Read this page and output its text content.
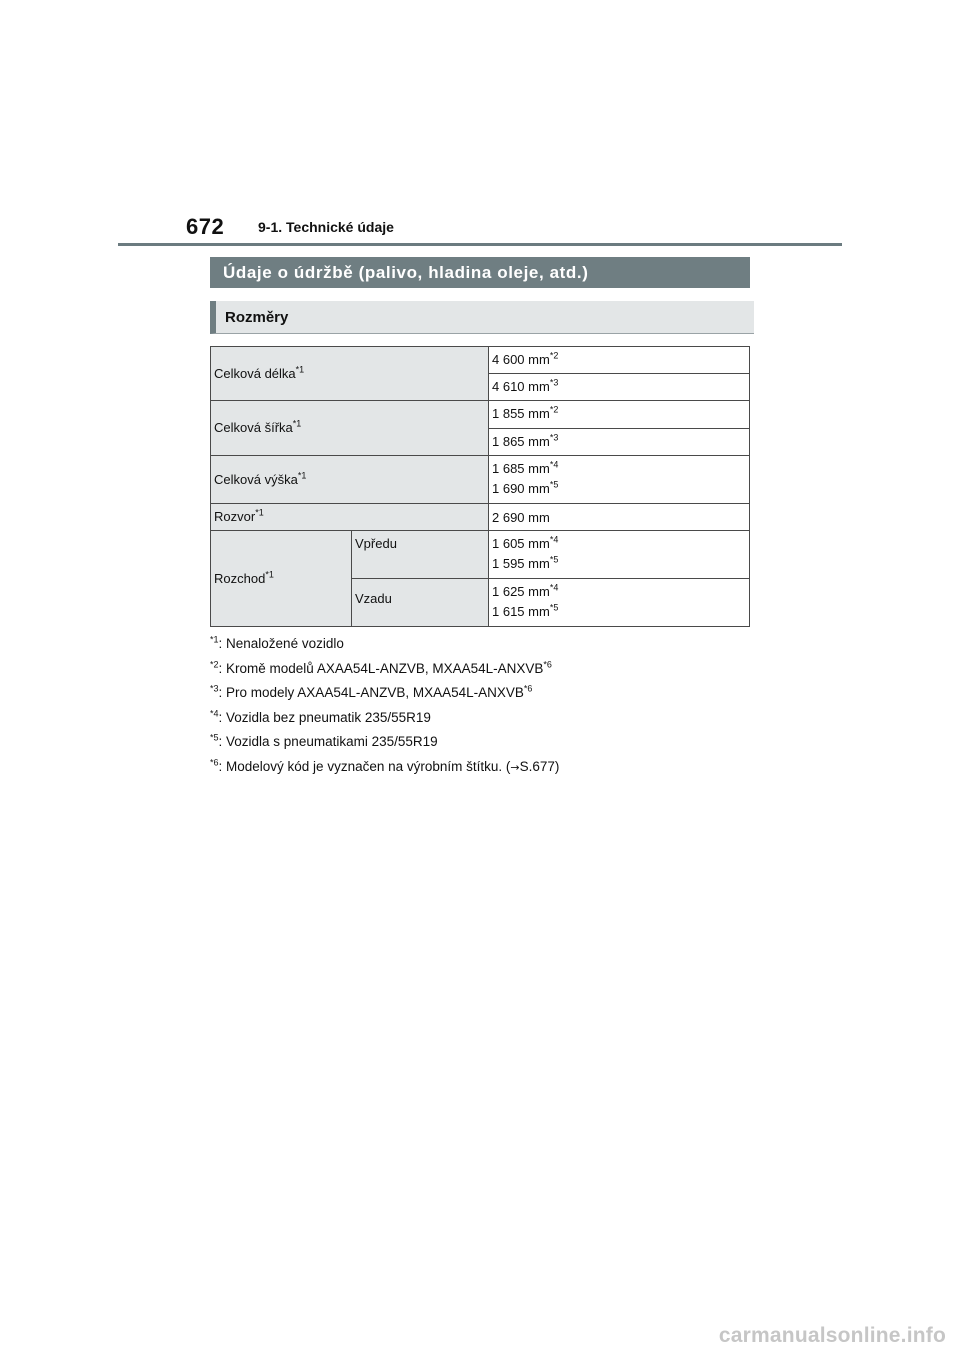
672 9-1. Technické údaje
Údaje o údržbě (palivo, hladina oleje, atd.)
Rozměry
Celková délka$^{*1}$		4 600 $mm^{*2}$
		4 610 $mm^{*3}$
Celková šířka$^{*1}$		1 855 $mm^{*2}$
		1 865 $mm^{*3}$
Celková výška$^{*1}$		1 685 $mm^{*4}$
1 690 $mm^{*5}$

Rozvor$^{*1}$		2 690 mm
Rozchod$^{*1}$	Vpředu	1 605 $mm^{*4}$
1 595 $mm^{*5}$

	Vzadu	1 625 $mm^{*4}$
1 615 $mm^{*5}$
$^{*1}$: Nenaložené vozidlo
$^{*2}$: Kromě modelů AXAA54L-ANZVB, MXAA54L-ANXVB$^{*6}$
$^{*3}$: Pro modely AXAA54L-ANZVB, MXAA54L-ANXVB$^{*6}$
$^{*4}$: Vozidla bez pneumatik 235/55R19
$^{*5}$: Vozidla s pneumatikami 235/55R19
$^{*6}$: Modelový kód je vyznačen na výrobním štítku. (→S.677)
carmanualsonline.info
